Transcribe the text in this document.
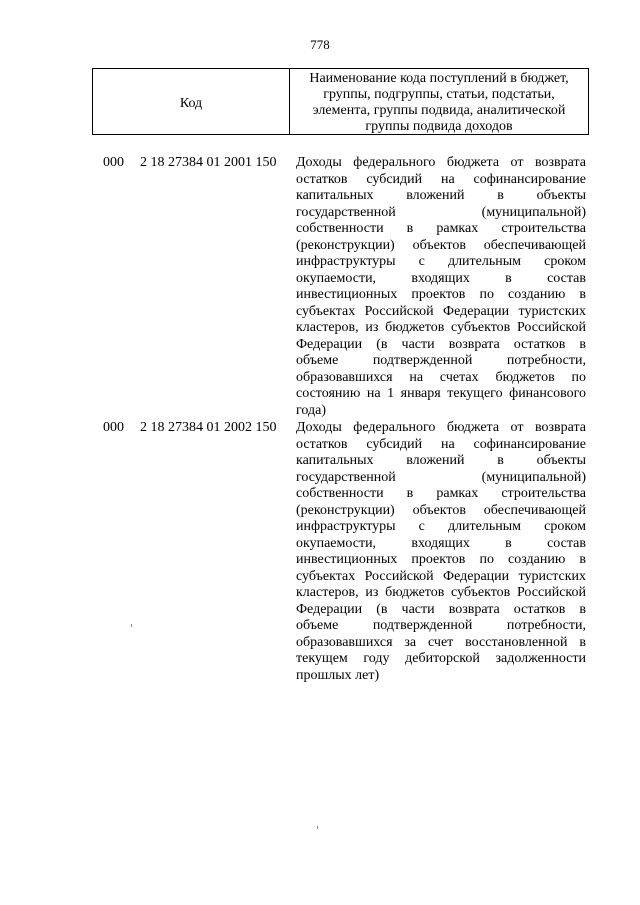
778
Код
Наименование кода поступлений в бюджет,
группы, подгруппы, статьи, подстатьи,
элемента, группы подвида, аналитической
группы подвида доходов
000 2 18 27384 01 2001 150 Доходы федерального бюджета от возврата
остатков субсидий на софинансирование
капитальных вложений в объекты
государственной (муниципальной)
собственности в рамках строительства
(реконструкции) объектов обеспечивающей
инфраструктуры с длительным сроком
окупаемости, входящих в состав
инвестиционных проектов по созданию в
субъектах Российской Федерации туристских
кластеров, из бюджетов субъектов Российской
Федерации (в части возврата остатков в
объеме подтвержденной потребности,
образовавшихся на счетах бюджетов по
состоянию на 1 января текущего финансового
года)
000 2 18 27384 01 2002 150 Доходы федерального бюджета от возврата
остатков субсидий на софинансирование
капитальных вложений в объекты
государственной (муниципальной)
собственности в рамках строительства
(реконструкции) объектов обеспечивающей
инфраструктуры с длительным сроком
окупаемости, входящих в состав
инвестиционных проектов по созданию в
субъектах Российской Федерации туристских
кластеров, из бюджетов субъектов Российской
Федерации (в части возврата остатков в
объеме подтвержденной потребности,
образовавшихся за счет восстановленной в
текущем году дебиторской задолженности
прошлых лет)
